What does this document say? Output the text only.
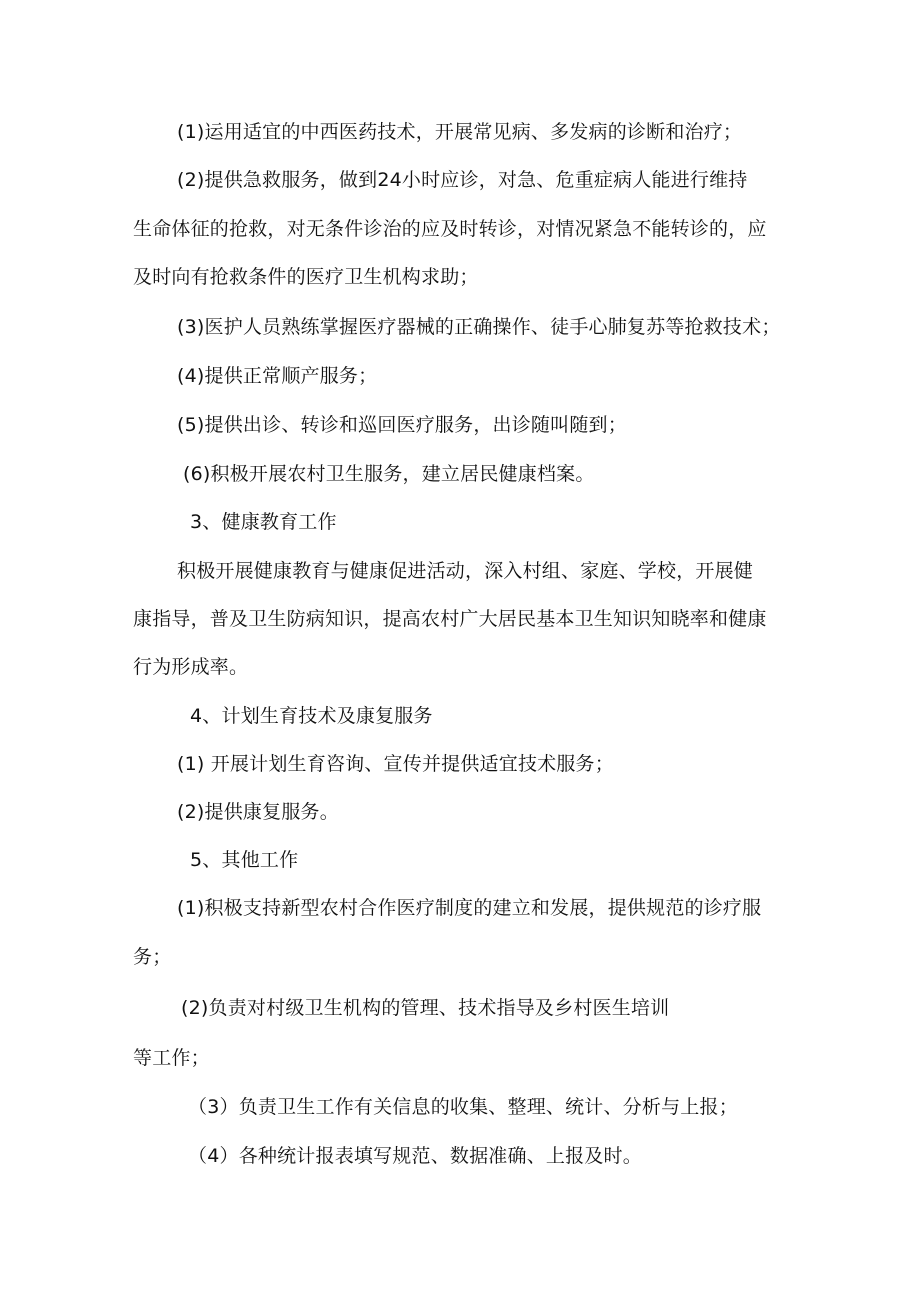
(1)运用适宜的中西医药技术，开展常见病、多发病的诊断和治疗；

(2)提供急救服务，做到24小时应诊，对急、危重症病人能进行维持

生命体征的抢救，对无条件诊治的应及时转诊，对情况紧急不能转诊的，应

及时向有抢救条件的医疗卫生机构求助；

(3)医护人员熟练掌握医疗器械的正确操作、徒手心肺复苏等抢救技术；

(4)提供正常顺产服务；

(5)提供出诊、转诊和巡回医疗服务，出诊随叫随到；

(6)积极开展农村卫生服务，建立居民健康档案。

3、健康教育工作

积极开展健康教育与健康促进活动，深入村组、家庭、学校，开展健

康指导，普及卫生防病知识，提高农村广大居民基本卫生知识知晓率和健康

行为形成率。

4、计划生育技术及康复服务

(1) 开展计划生育咨询、宣传并提供适宜技术服务；

(2)提供康复服务。

5、其他工作

(1)积极支持新型农村合作医疗制度的建立和发展，提供规范的诊疗服

务；

(2)负责对村级卫生机构的管理、技术指导及乡村医生培训

等工作；

（3）负责卫生工作有关信息的收集、整理、统计、分析与上报；

（4）各种统计报表填写规范、数据准确、上报及时。
